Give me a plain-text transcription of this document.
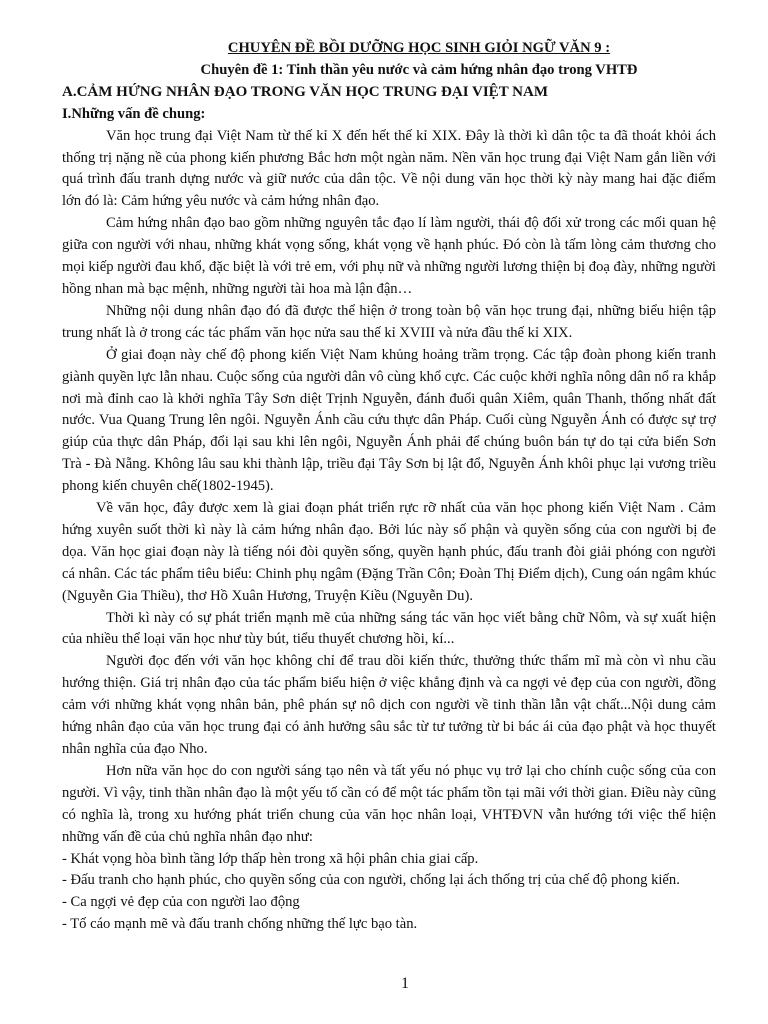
CHUYÊN ĐỀ BỒI DƯỠNG HỌC SINH GIỎI NGỮ VĂN 9 :

Chuyên đề 1: Tinh thần yêu nước và cảm hứng nhân đạo trong VHTĐ

A.CẢM HỨNG NHÂN ĐẠO TRONG VĂN HỌC TRUNG ĐẠI VIỆT NAM

I.Những vấn đề chung:

Văn học trung đại Việt Nam từ thế kỉ X đến hết thế kỉ XIX. Đây là thời kì dân tộc ta đã thoát khỏi ách thống trị nặng nề của phong kiến phương Bắc hơn một ngàn năm. Nền văn học trung đại Việt Nam gắn liền với quá trình đấu tranh dựng nước và giữ nước của dân tộc. Về nội dung văn học thời kỳ này mang hai đặc điểm lớn đó là: Cảm hứng yêu nước và cảm hứng nhân đạo.

Cảm hứng nhân đạo bao gồm những nguyên tắc đạo lí làm người, thái độ đối xử trong các mối quan hệ giữa con người với nhau, những khát vọng sống, khát vọng về hạnh phúc. Đó còn là tấm lòng cảm thương cho mọi kiếp người đau khổ, đặc biệt là với trẻ em, với phụ nữ và những người lương thiện bị đoạ đày, những người hồng nhan mà bạc mệnh, những người tài hoa mà lận đận…

Những nội dung nhân đạo đó đã được thể hiện ở trong toàn bộ văn học trung đại, những biểu hiện tập trung nhất là ở trong các tác phẩm văn học nửa sau thế kỉ XVIII và nửa đầu thế kỉ XIX.

Ở giai đoạn này chế độ phong kiến Việt Nam khủng hoảng trầm trọng. Các tập đoàn phong kiến tranh giành quyền lực lẫn nhau. Cuộc sống của người dân vô cùng khổ cực. Các cuộc khởi nghĩa nông dân nổ ra khắp nơi mà đỉnh cao là khởi nghĩa Tây Sơn diệt Trịnh Nguyễn, đánh đuổi quân Xiêm, quân Thanh, thống nhất đất nước. Vua Quang Trung lên ngôi. Nguyễn Ánh cầu cứu thực dân Pháp. Cuối cùng Nguyễn Ánh có được sự trợ giúp của thực dân Pháp, đổi lại sau khi lên ngôi, Nguyễn Ánh phải để chúng buôn bán tự do tại cửa biển Sơn Trà - Đà Nẵng. Không lâu sau khi thành lập, triều đại Tây Sơn bị lật đổ, Nguyễn Ánh khôi phục lại vương triều phong kiến chuyên chế(1802-1945).

Về văn học, đây được xem là giai đoạn phát triển rực rỡ nhất của văn học phong kiến Việt Nam . Cảm hứng xuyên suốt thời kì này là cảm hứng nhân đạo. Bởi lúc này số phận và quyền sống của con người bị đe dọa. Văn học giai đoạn này là tiếng nói đòi quyền sống, quyền hạnh phúc, đấu tranh đòi giải phóng con người cá nhân. Các tác phẩm tiêu biểu: Chinh phụ ngâm (Đặng Trần Côn; Đoàn Thị Điểm dịch), Cung oán ngâm khúc (Nguyễn Gia Thiều), thơ Hồ Xuân Hương, Truyện Kiều (Nguyễn Du).

Thời kì này có sự phát triển mạnh mẽ của những sáng tác văn học viết bằng chữ Nôm, và sự xuất hiện của nhiều thể loại văn học như tùy bút, tiểu thuyết chương hồi, kí...

Người đọc đến với văn học không chỉ để trau dồi kiến thức, thưởng thức thẩm mĩ mà còn vì nhu cầu hướng thiện. Giá trị nhân đạo của tác phẩm biểu hiện ở việc khẳng định và ca ngợi vẻ đẹp của con người, đồng cảm với những khát vọng nhân bản, phê phán sự nô dịch con người về tinh thần lẫn vật chất...Nội dung cảm hứng nhân đạo của văn học trung đại có ảnh hưởng sâu sắc từ tư tưởng từ bi bác ái của đạo phật và học thuyết nhân nghĩa của đạo Nho.

Hơn nữa văn học do con người sáng tạo nên và tất yếu nó phục vụ trở lại cho chính cuộc sống của con người. Vì vậy, tinh thần nhân đạo là một yếu tố cần có để một tác phẩm tồn tại mãi với thời gian. Điều này cũng có nghĩa là, trong xu hướng phát triển chung của văn học nhân loại, VHTĐVN vẫn hướng tới việc thể hiện những vấn đề của chủ nghĩa nhân đạo như:

- Khát vọng hòa bình tầng lớp thấp hèn trong xã hội phân chia giai cấp.
- Đấu tranh cho hạnh phúc, cho quyền sống của con người, chống lại ách thống trị của chế độ phong kiến.
- Ca ngợi vẻ đẹp của con người lao động
- Tố cáo mạnh mẽ và đấu tranh chống những thế lực bạo tàn.
1
